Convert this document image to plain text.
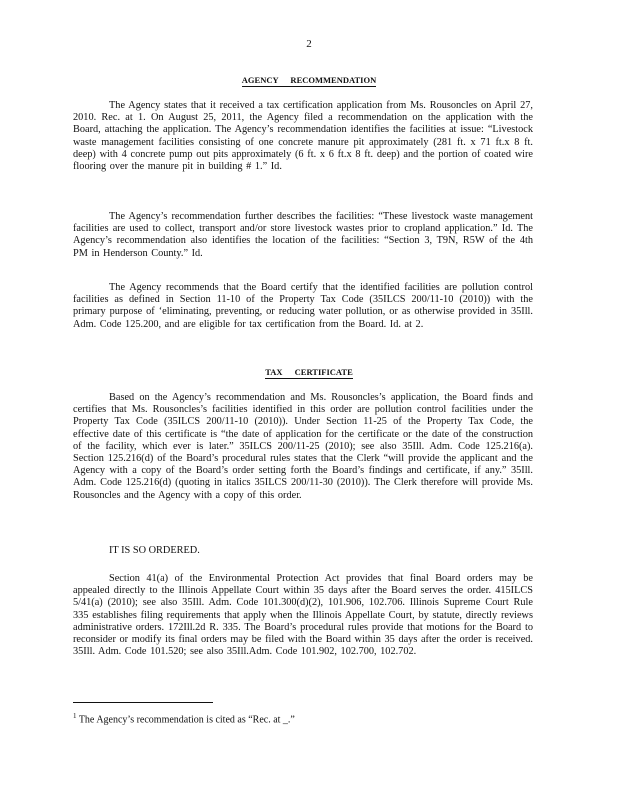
2
AGENCY RECOMMENDATION

The Agency states that it received a tax certification application from Ms. Rousoncles on April 27, 2010. Rec. at 1. On August 25, 2011, the Agency filed a recommendation on the application with the Board, attaching the application. The Agency’s recommendation identifies the facilities at issue: “Livestock waste management facilities consisting of one concrete manure pit approximately (281 ft. x 71 ft.x 8 ft. deep) with 4 concrete pump out pits approximately (6 ft. x 6 ft.x 8 ft. deep) and the portion of coated wire flooring over the manure pit in building # 1.” Id.

The Agency’s recommendation further describes the facilities: “These livestock waste management facilities are used to collect, transport and/or store livestock wastes prior to cropland application.” Id. The Agency’s recommendation also identifies the location of the facilities: “Section 3, T9N, R5W of the 4th PM in Henderson County.” Id.

The Agency recommends that the Board certify that the identified facilities are pollution control facilities as defined in Section 11-10 of the Property Tax Code (35ILCS 200/11-10 (2010)) with the primary purpose of ‘eliminating, preventing, or reducing water pollution, or as otherwise provided in 35Ill. Adm. Code 125.200, and are eligible for tax certification from the Board. Id. at 2.

TAX CERTIFICATE

Based on the Agency’s recommendation and Ms. Rousoncles’s application, the Board finds and certifies that Ms. Rousoncles’s facilities identified in this order are pollution control facilities under the Property Tax Code (35ILCS 200/11-10 (2010)). Under Section 11-25 of the Property Tax Code, the effective date of this certificate is “the date of application for the certificate or the date of the construction of the facility, which ever is later.” 35ILCS 200/11-25 (2010); see also 35Ill. Adm. Code 125.216(a). Section 125.216(d) of the Board’s procedural rules states that the Clerk “will provide the applicant and the Agency with a copy of the Board’s order setting forth the Board’s findings and certificate, if any.” 35Ill. Adm. Code 125.216(d) (quoting in italics 35ILCS 200/11-30 (2010)). The Clerk therefore will provide Ms. Rousoncles and the Agency with a copy of this order.

IT IS SO ORDERED.

Section 41(a) of the Environmental Protection Act provides that final Board orders may be appealed directly to the Illinois Appellate Court within 35 days after the Board serves the order. 415ILCS 5/41(a) (2010); see also 35Ill. Adm. Code 101.300(d)(2), 101.906, 102.706. Illinois Supreme Court Rule 335 establishes filing requirements that apply when the Illinois Appellate Court, by statute, directly reviews administrative orders. 172Ill.2d R. 335. The Board’s procedural rules provide that motions for the Board to reconsider or modify its final orders may be filed with the Board within 35 days after the order is received. 35Ill. Adm. Code 101.520; see also 35Ill.Adm. Code 101.902, 102.700, 102.702.

$^1$ The Agency’s recommendation is cited as “Rec. at _.”
